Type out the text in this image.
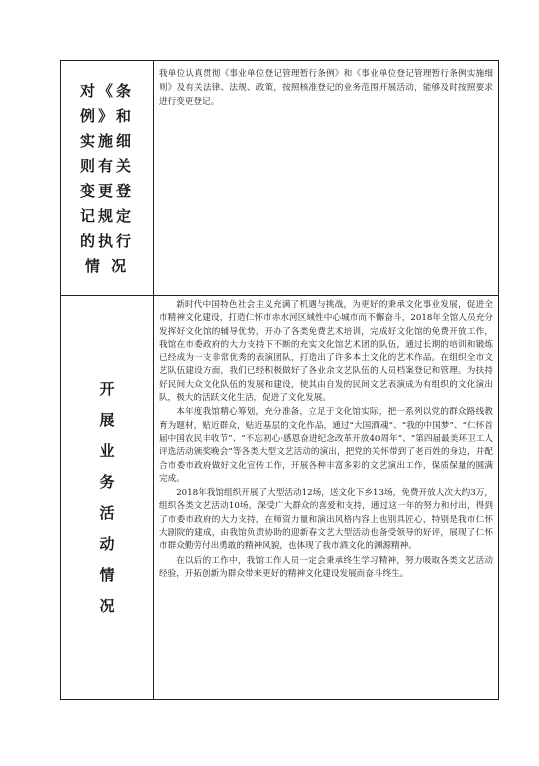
对《条
例》和
实施细
则有关
变更登
记规定
的执行
情 况
我单位认真贯彻《事业单位登记管理暂行条例》和《事业单位登记管理暂行条例实施细则》及有关法律、法规、政策，按照核准登记的业务范围开展活动，能够及时按照要求进行变更登记。
开
展
业
务
活
动
情
况

新时代中国特色社会主义充满了机遇与挑战，为更好的秉承文化事业发展，促进全市精神文化建设，打造仁怀市赤水河区域性中心城市而不懈奋斗，2018年全馆人员充分发挥好文化馆的辅导优势，开办了各类免费艺术培训，完成好文化馆的免费开放工作，我馆在市委政府的大力支持下不断的充实文化馆艺术团的队伍，通过长期的培训和锻炼已经成为一支非常优秀的表演团队，打造出了许多本土文化的艺术作品。在组织全市文艺队伍建设方面，我们已经积极做好了各业余文艺队伍的人员档案登记和管理。为扶持好民间大众文化队伍的发展和建设，使其由自发的民间文艺表演成为有组织的文化演出队，极大的活跃文化生活，促进了文化发展。

本年度我馆精心筹划，充分准备，立足于文化馆实际，把一系列以党的群众路线教育为题材，贴近群众，贴近基层的文化作品，通过“大国酒魂”、“我的中国梦”、“仁怀首届中国农民丰收节”、“不忘初心·感恩奋进纪念改革开放40周年”、“第四届最美环卫工人评选活动颁奖晚会”等各类大型文艺活动的演出，把党的关怀带到了老百姓的身边，并配合市委市政府做好文化宣传工作，开展各种丰富多彩的文艺演出工作，保质保量的圆满完成。

2018年我馆组织开展了大型活动12场，送文化下乡13场，免费开放人次大约3万，组织各类文艺活动10场，深受广大群众的喜爱和支持，通过这一年的努力和付出，得到了市委市政府的大力支持，在师资力量和演出风格内容上也别具匠心，特别是我市仁怀大剧院的建成，由我馆负责协助的迎新春文艺大型活动也备受领导的好评，展现了仁怀市群众勤劳付出勇敢的精神风貌，也体现了我市酒文化的渊源精神。

在以后的工作中，我馆工作人员一定会秉承终生学习精神，努力吸取各类文艺活动经验，开拓创新为群众带来更好的精神文化建设发展而奋斗终生。
